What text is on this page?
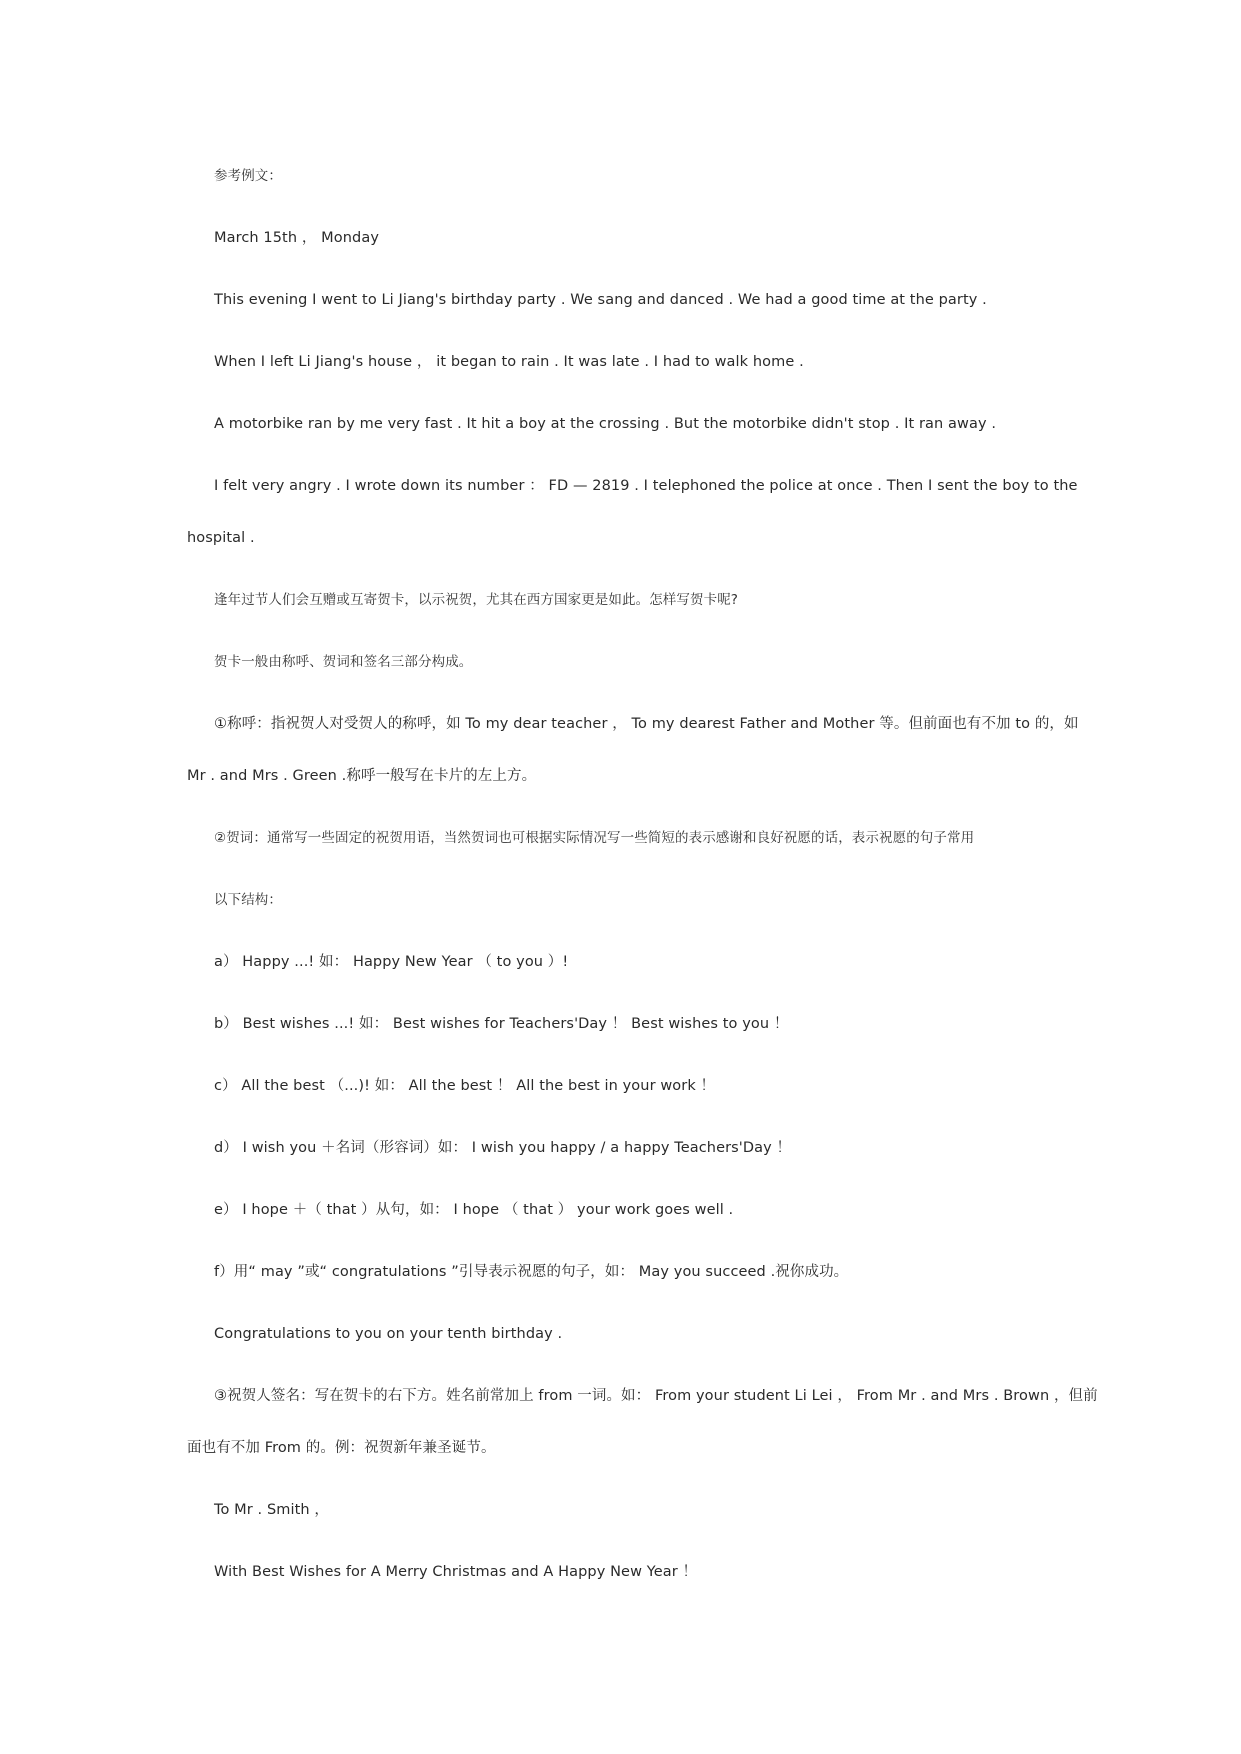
参考例文：
March 15th ， Monday
This evening I went to Li Jiang's birthday party . We sang and danced . We had a good time at the party .
When I left Li Jiang's house ， it began to rain . It was late . I had to walk home .
A motorbike ran by me very fast . It hit a boy at the crossing . But the motorbike didn't stop . It ran away .
I felt very angry . I wrote down its number ： FD — 2819 . I telephoned the police at once . Then I sent the boy to the
hospital .
逢年过节人们会互赠或互寄贺卡，以示祝贺，尤其在西方国家更是如此。怎样写贺卡呢?
贺卡一般由称呼、贺词和签名三部分构成。
①称呼：指祝贺人对受贺人的称呼，如 To my dear teacher ， To my dearest Father and Mother 等。但前面也有不加 to 的，如
Mr . and Mrs . Green .称呼一般写在卡片的左上方。
②贺词：通常写一些固定的祝贺用语，当然贺词也可根据实际情况写一些简短的表示感谢和良好祝愿的话，表示祝愿的句子常用
以下结构：
a） Happy ...! 如： Happy New Year （ to you ）!
b） Best wishes ...! 如： Best wishes for Teachers'Day ！ Best wishes to you ！
c） All the best （...)! 如： All the best ！ All the best in your work ！
d） I wish you ＋名词（形容词）如： I wish you happy / a happy Teachers'Day ！
e） I hope ＋（ that ）从句，如： I hope （ that ） your work goes well .
f）用“ may ”或“ congratulations ”引导表示祝愿的句子，如： May you succeed .祝你成功。
Congratulations to you on your tenth birthday .
③祝贺人签名：写在贺卡的右下方。姓名前常加上 from 一词。如： From your student Li Lei ， From Mr . and Mrs . Brown ，但前
面也有不加 From 的。例：祝贺新年兼圣诞节。
To Mr . Smith ，
With Best Wishes for A Merry Christmas and A Happy New Year ！
